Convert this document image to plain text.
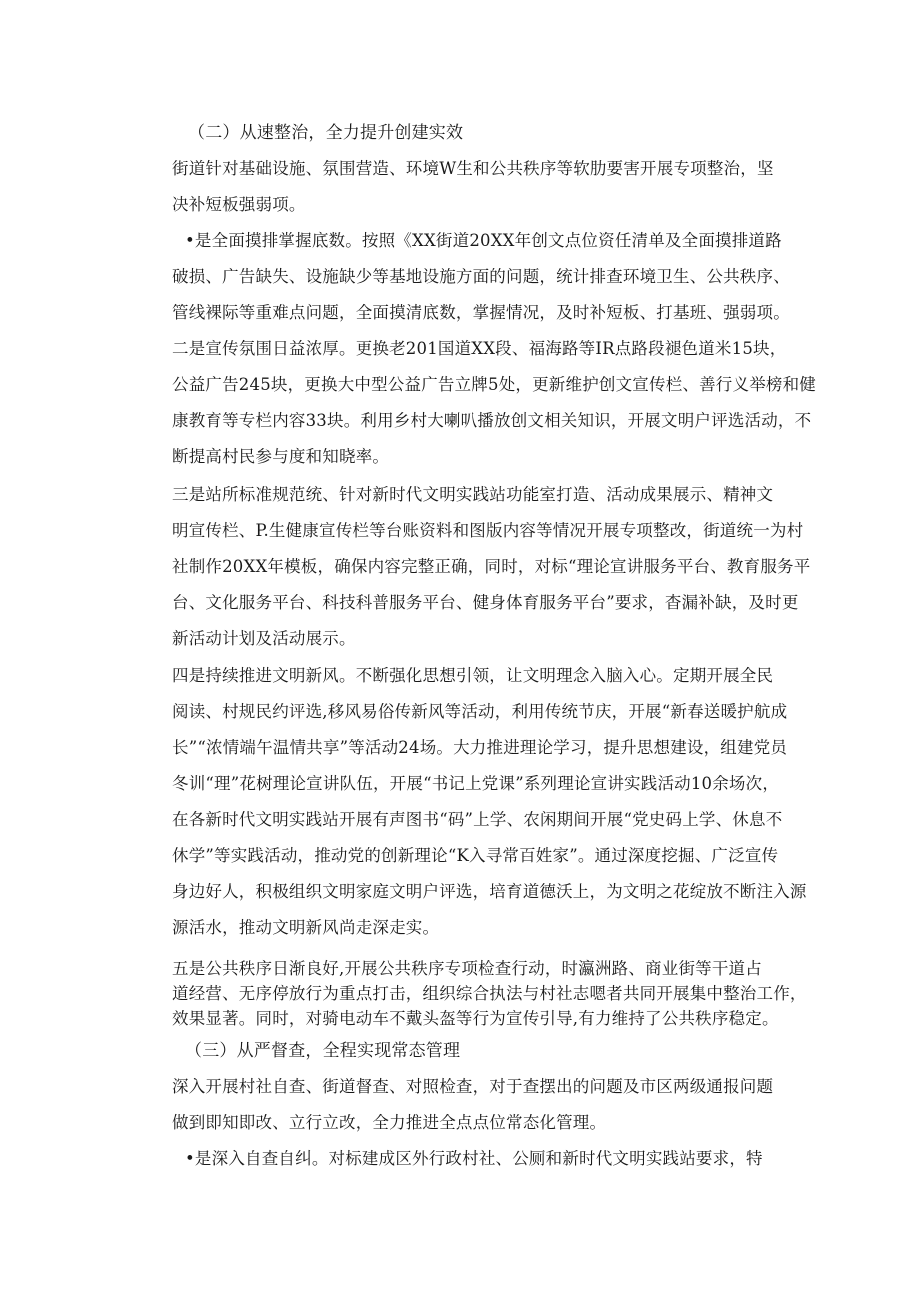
（二）从速整治，全力提升创建实效
街道针对基础设施、氛围营造、环境W生和公共秩序等软肋要害开展专项整治，坚
决补短板强弱项。
•是全面摸排掌握底数。按照《XX街道20XX年创文点位资任清单及全面摸排道路
破损、广告缺失、设施缺少等基地设施方面的问题，统计排查环境卫生、公共秩序、
管线裸际等重难点问题，全面摸清底数，掌握情况，及时补短板、打基班、强弱项。
二是宣传氛围日益浓厚。更换老201国道XX段、福海路等IR点路段褪色道米15块，
公益广告245块，更换大中型公益广告立牌5处，更新维护创文宣传栏、善行义举榜和健
康教育等专栏内容33块。利用乡村大喇叭播放创文相关知识，开展文明户评选活动，不
断提高村民参与度和知晓率。
三是站所标准规范统、针对新时代文明实践站功能室打造、活动成果展示、精神文
明宣传栏、P.生健康宣传栏等台账资料和图版内容等情况开展专项整改，街道统一为村
社制作20XX年模板，确保内容完整正确，同时，对标“理论宣讲服务平台、教育服务平
台、文化服务平台、科技科普服务平台、健身体育服务平台”要求，杳漏补缺，及时更
新活动计划及活动展示。
四是持续推进文明新风。不断强化思想引领，让文明理念入脑入心。定期开展全民
阅读、村规民约评选,移风易俗传新风等活动，利用传统节庆，开展“新春送暖护航成
长”“浓情端午温情共享”等活动24场。大力推进理论学习，提升思想建设，组建党员
冬训“理”花树理论宣讲队伍，开展“书记上党课”系列理论宣讲实践活动10余场次，
在各新时代文明实践站开展有声图书“码”上学、农闲期间开展“党史码上学、休息不
休学”等实践活动，推动党的创新理论“K入寻常百姓家”。通过深度挖掘、广泛宣传
身边好人，积极组织文明家庭文明户评选，培育道德沃上，为文明之花绽放不断注入源
源活水，推动文明新风尚走深走实。
五是公共秩序日渐良好,开展公共秩序专项检查行动，时瀛洲路、商业街等干道占
道经营、无序停放行为重点打击，组织综合执法与村社志嗯者共同开展集中整治工作，
效果显著。同时，对骑电动车不戴头盔等行为宣传引导,有力维持了公共秩序稳定。
（三）从严督查，全程实现常态管理
深入开展村社自查、街道督查、对照检查，对于查摆出的问题及市区两级通报问题
做到即知即改、立行立改，全力推进全点点位常态化管理。
•是深入自查自纠。对标建成区外行政村社、公厕和新时代文明实践站要求，特
